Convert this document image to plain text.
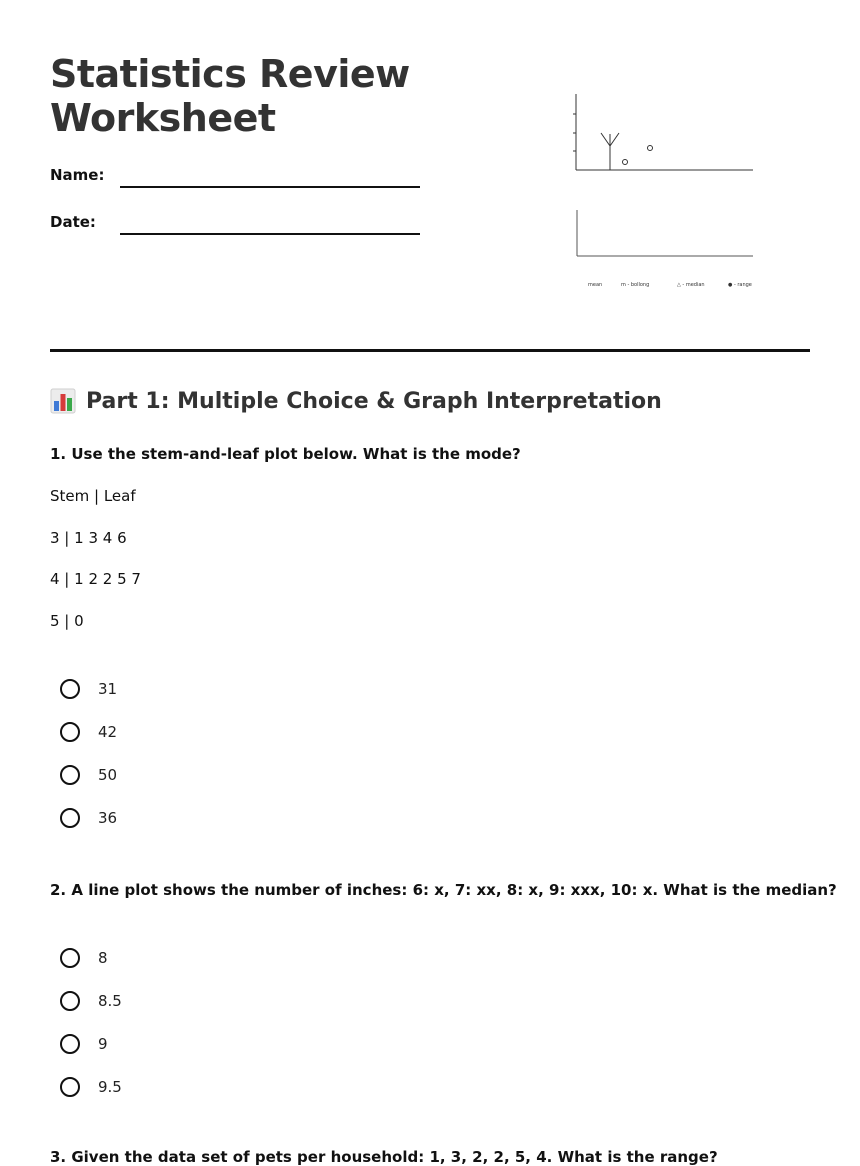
Statistics Review
Worksheet
Name:
Date:
mean	m - bollong	△ - median	● - range
Part 1: Multiple Choice & Graph Interpretation

1. Use the stem-and-leaf plot below. What is the mode?

Stem | Leaf

3 | 1 3 4 6

4 | 1 2 2 5 7

5 | 0

31
42
50
36

2. A line plot shows the number of inches: 6: x, 7: xx, 8: x, 9: xxx, 10: x. What is the median?

8
8.5
9
9.5

3. Given the data set of pets per household: 1, 3, 2, 2, 5, 4. What is the range?
